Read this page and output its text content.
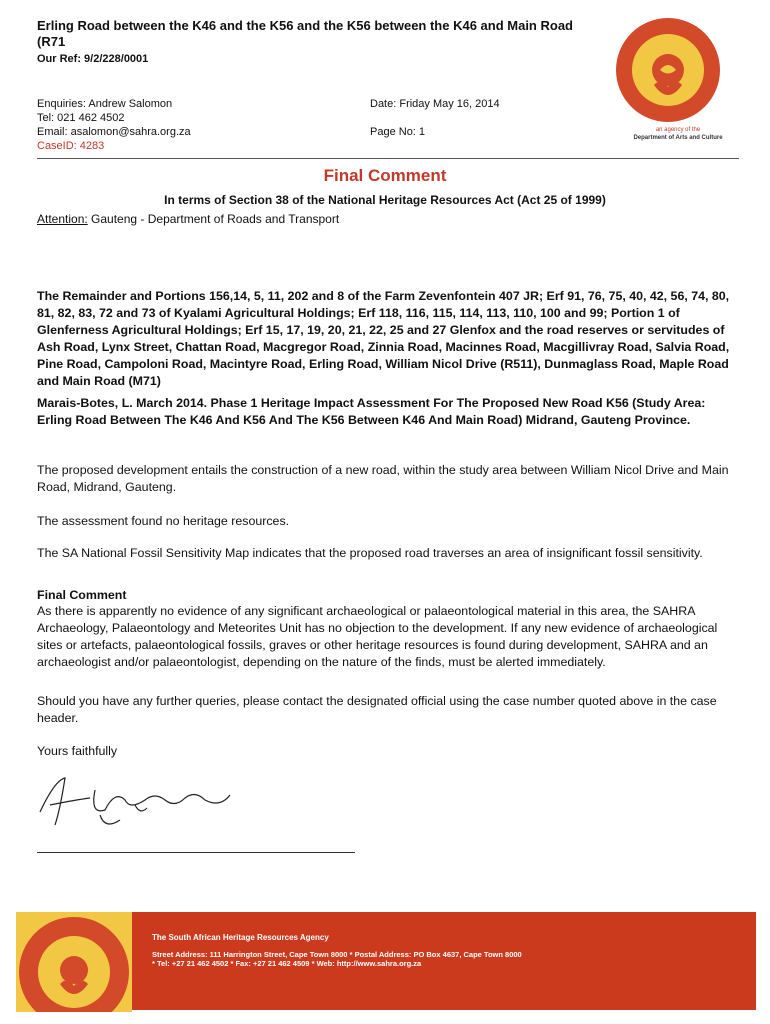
Erling Road between the K46 and the K56 and the K56 between the K46 and Main Road (R71
Our Ref: 9/2/228/0001
Enquiries: Andrew Salomon
Tel: 021 462 4502
Email: asalomon@sahra.org.za
CaseID: 4283
Date: Friday May 16, 2014
Page No: 1	an agency of the
Department of Arts and Culture
Final Comment
In terms of Section 38 of the National Heritage Resources Act (Act 25 of 1999)
Attention: Gauteng - Department of Roads and Transport
The Remainder and Portions 156,14, 5, 11, 202 and 8 of the Farm Zevenfontein 407 JR; Erf 91, 76, 75, 40, 42, 56, 74, 80, 81, 82, 83, 72 and 73 of Kyalami Agricultural Holdings; Erf 118, 116, 115, 114, 113, 110, 100 and 99; Portion 1 of Glenferness Agricultural Holdings; Erf 15, 17, 19, 20, 21, 22, 25 and 27 Glenfox and the road reserves or servitudes of Ash Road, Lynx Street, Chattan Road, Macgregor Road, Zinnia Road, Macinnes Road, Macgillivray Road, Salvia Road, Pine Road, Campoloni Road, Macintyre Road, Erling Road, William Nicol Drive (R511), Dunmaglass Road, Maple Road and Main Road (M71)
Marais-Botes, L. March 2014. Phase 1 Heritage Impact Assessment For The Proposed New Road K56 (Study Area: Erling Road Between The K46 And K56 And The K56 Between K46 And Main Road) Midrand, Gauteng Province.
The proposed development entails the construction of a new road, within the study area between William Nicol Drive and Main Road, Midrand, Gauteng.
The assessment found no heritage resources.
The SA National Fossil Sensitivity Map indicates that the proposed road traverses an area of insignificant fossil sensitivity.
Final Comment
As there is apparently no evidence of any significant archaeological or palaeontological material in this area, the SAHRA Archaeology, Palaeontology and Meteorites Unit has no objection to the development. If any new evidence of archaeological sites or artefacts, palaeontological fossils, graves or other heritage resources is found during development, SAHRA and an archaeologist and/or palaeontologist, depending on the nature of the finds, must be alerted immediately.
Should you have any further queries, please contact the designated official using the case number quoted above in the case header.
Yours faithfully
The South African Heritage Resources Agency
Street Address: 111 Harrington Street, Cape Town 8000 * Postal Address: PO Box 4637, Cape Town 8000
* Tel: +27 21 462 4502 * Fax: +27 21 462 4509 * Web: http://www.sahra.org.za
